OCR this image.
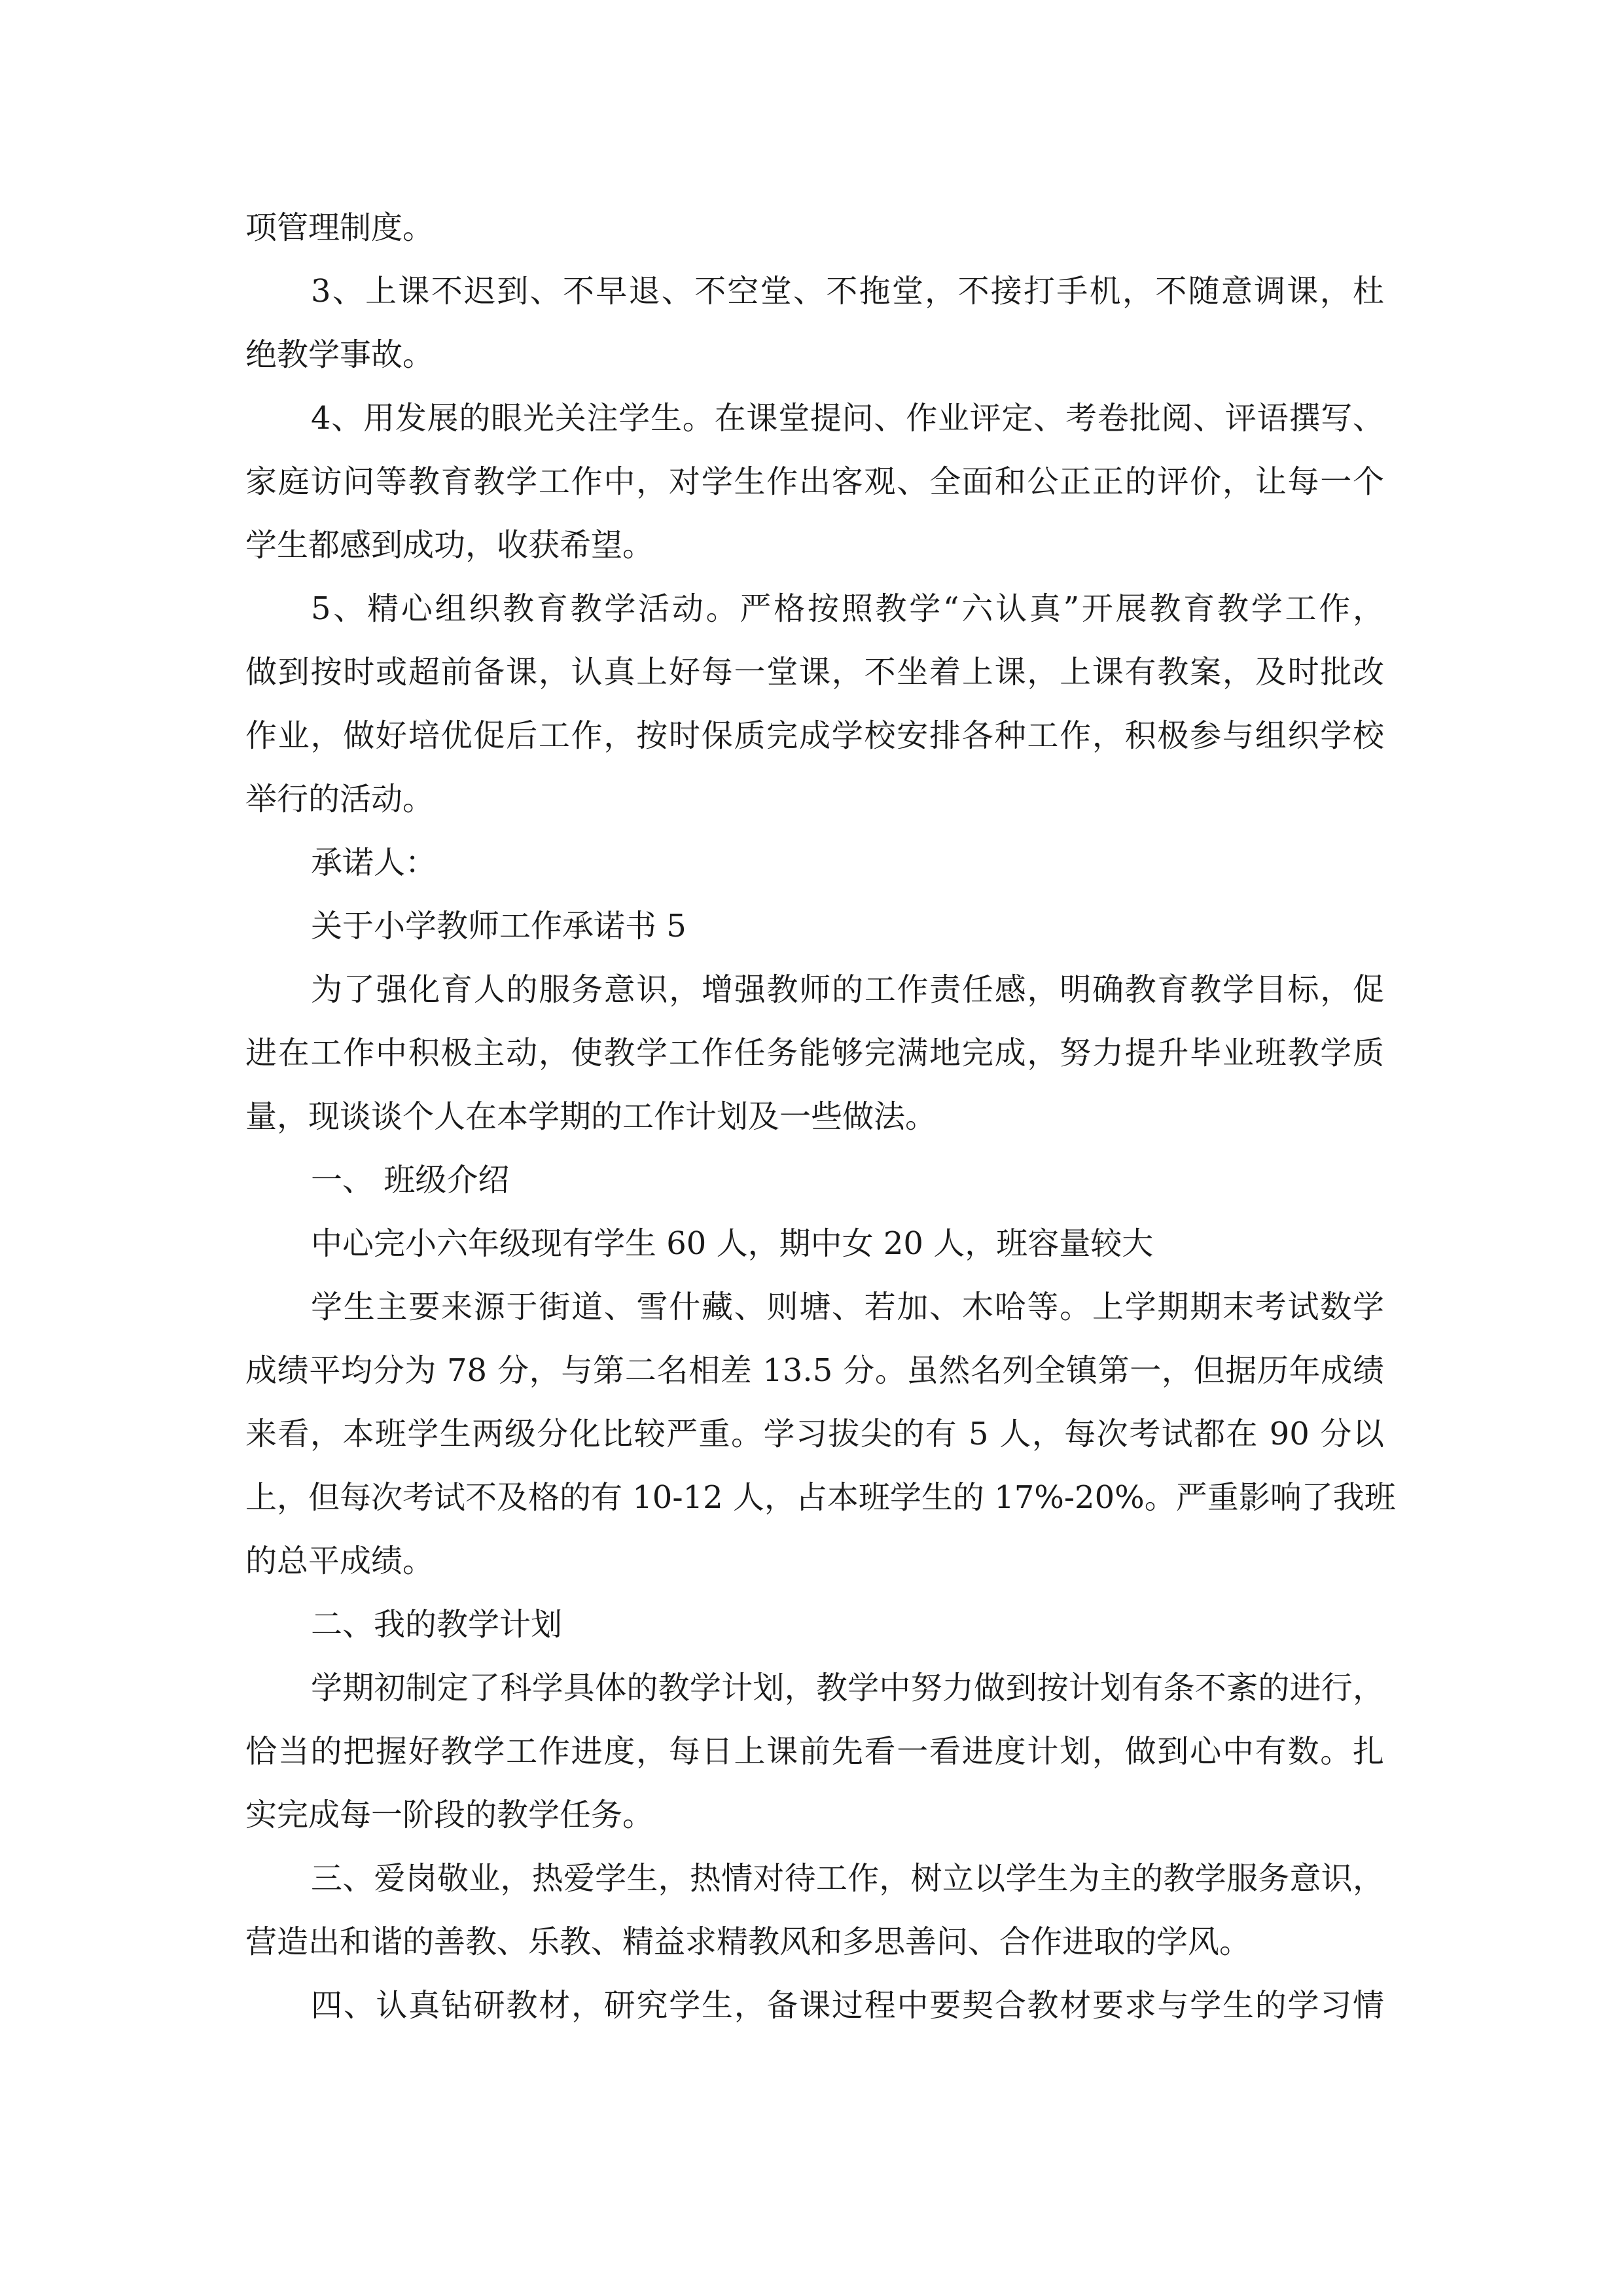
项管理制度。
3、上课不迟到、不早退、不空堂、不拖堂，不接打手机，不随意调课，杜
绝教学事故。
4、用发展的眼光关注学生。在课堂提问、作业评定、考卷批阅、评语撰写、
家庭访问等教育教学工作中，对学生作出客观、全面和公正正的评价，让每一个
学生都感到成功，收获希望。
5、精心组织教育教学活动。严格按照教学“六认真”开展教育教学工作，
做到按时或超前备课，认真上好每一堂课，不坐着上课，上课有教案，及时批改
作业，做好培优促后工作，按时保质完成学校安排各种工作，积极参与组织学校
举行的活动。
承诺人：
关于小学教师工作承诺书 5
为了强化育人的服务意识，增强教师的工作责任感，明确教育教学目标，促
进在工作中积极主动，使教学工作任务能够完满地完成，努力提升毕业班教学质
量，现谈谈个人在本学期的工作计划及一些做法。
一、 班级介绍
中心完小六年级现有学生 60 人，期中女 20 人，班容量较大
学生主要来源于街道、雪什藏、则塘、若加、木哈等。上学期期末考试数学
成绩平均分为 78 分，与第二名相差 13.5 分。虽然名列全镇第一，但据历年成绩
来看，本班学生两级分化比较严重。学习拔尖的有 5 人，每次考试都在 90 分以
上，但每次考试不及格的有 10-12 人，占本班学生的 17%-20%。严重影响了我班
的总平成绩。
二、我的教学计划
学期初制定了科学具体的教学计划，教学中努力做到按计划有条不紊的进行，
恰当的把握好教学工作进度，每日上课前先看一看进度计划，做到心中有数。扎
实完成每一阶段的教学任务。
三、爱岗敬业，热爱学生，热情对待工作，树立以学生为主的教学服务意识，
营造出和谐的善教、乐教、精益求精教风和多思善问、合作进取的学风。
四、认真钻研教材，研究学生，备课过程中要契合教材要求与学生的学习情
